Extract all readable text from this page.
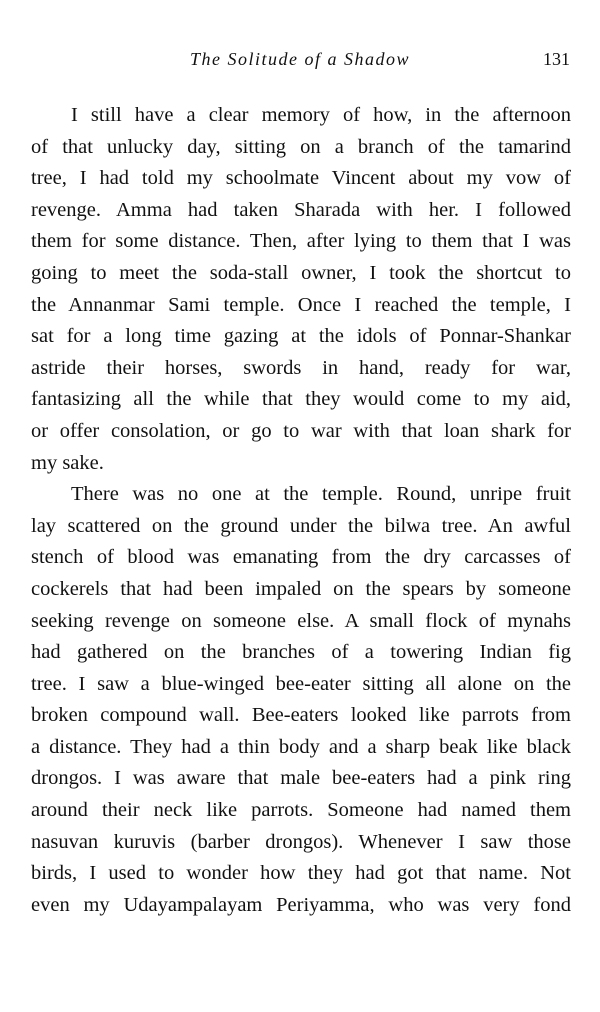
The Solitude of a Shadow	131
I still have a clear memory of how, in the afternoon
of that unlucky day, sitting on a branch of the tamarind
tree, I had told my schoolmate Vincent about my vow of
revenge. Amma had taken Sharada with her. I followed
them for some distance. Then, after lying to them that I was
going to meet the soda-stall owner, I took the shortcut to
the Annanmar Sami temple. Once I reached the temple, I
sat for a long time gazing at the idols of Ponnar-Shankar
astride their horses, swords in hand, ready for war,
fantasizing all the while that they would come to my aid,
or offer consolation, or go to war with that loan shark for
my sake.
There was no one at the temple. Round, unripe fruit
lay scattered on the ground under the bilwa tree. An awful
stench of blood was emanating from the dry carcasses of
cockerels that had been impaled on the spears by someone
seeking revenge on someone else. A small flock of mynahs
had gathered on the branches of a towering Indian fig
tree. I saw a blue-winged bee-eater sitting all alone on the
broken compound wall. Bee-eaters looked like parrots from
a distance. They had a thin body and a sharp beak like black
drongos. I was aware that male bee-eaters had a pink ring
around their neck like parrots. Someone had named them
nasuvan kuruvis (barber drongos). Whenever I saw those
birds, I used to wonder how they had got that name. Not
even my Udayampalayam Periyamma, who was very fond
